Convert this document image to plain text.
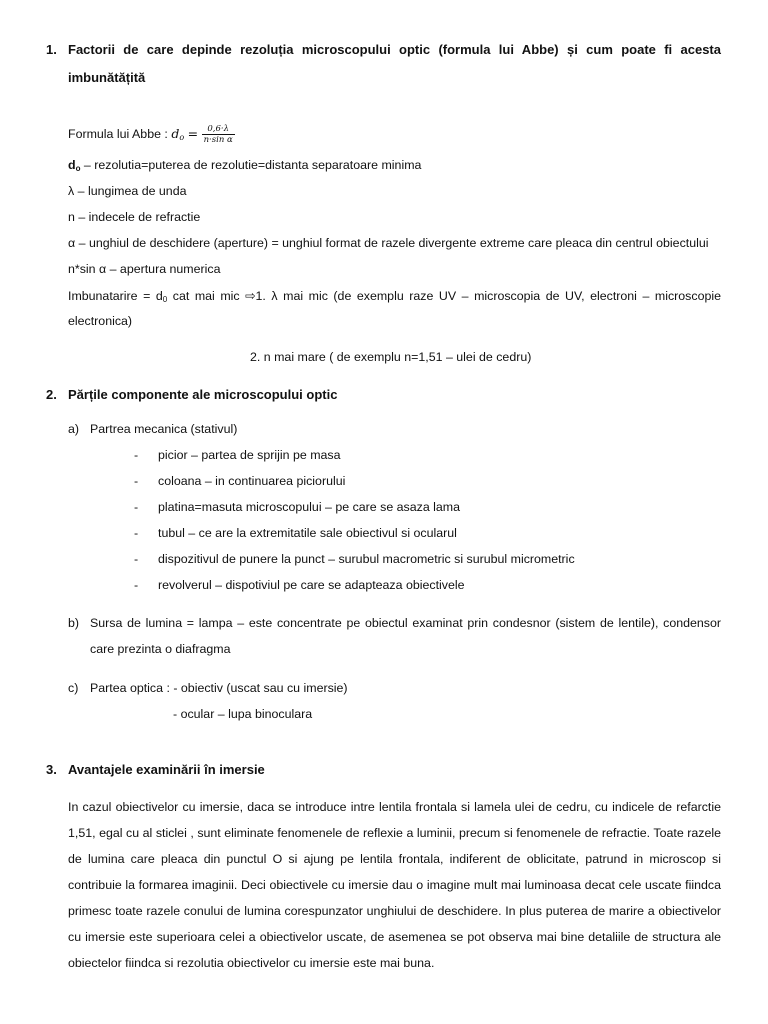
1. Factorii de care depinde rezoluția microscopului optic (formula lui Abbe) și cum poate fi acesta
imbunătățită
Formula lui Abbe : $d_o = \frac{0,6\cdot\lambda}{\text{n·sin α}}$
$d_o$ – rezolutia=puterea de rezolutie=distanta separatoare minima
λ – lungimea de unda
n – indecele de refractie
α – unghiul de deschidere (aperture) = unghiul format de razele divergente extreme care pleaca din centrul obiectului
n*sin α – apertura numerica
Imbunatarire = $d_0$ cat mai mic ⇨1. λ mai mic (de exemplu raze UV – microscopia de UV, electroni – microscopie
electronica)
2. n mai mare ( de exemplu n=1,51 – ulei de cedru)
2. Părțile componente ale microscopului optic
a) Partrea mecanica (stativul)
- picior – partea de sprijin pe masa
- coloana – in continuarea piciorului
- platina=masuta microscopului – pe care se asaza lama
- tubul – ce are la extremitatile sale obiectivul si ocularul
- dispozitivul de punere la punct – surubul macrometric si surubul micrometric
- revolverul – dispotiviul pe care se adapteaza obiectivele
b) Sursa de lumina = lampa – este concentrate pe obiectul examinat prin condesnor (sistem de lentile), condensor
care prezinta o diafragma
c) Partea optica : - obiectiv (uscat sau cu imersie)
- ocular – lupa binoculara
3. Avantajele examinării în imersie
In cazul obiectivelor cu imersie, daca se introduce intre lentila frontala si lamela ulei de cedru, cu indicele de refarctie
1,51, egal cu al sticlei , sunt eliminate fenomenele de reflexie a luminii, precum si fenomenele de refractie. Toate razele
de lumina care pleaca din punctul O si ajung pe lentila frontala, indiferent de oblicitate, patrund in microscop si
contribuie la formarea imaginii. Deci obiectivele cu imersie dau o imagine mult mai luminoasa decat cele uscate fiindca
primesc toate razele conului de lumina corespunzator unghiului de deschidere. In plus puterea de marire a obiectivelor
cu imersie este superioara celei a obiectivelor uscate, de asemenea se pot observa mai bine detaliile de structura ale
obiectelor fiindca si rezolutia obiectivelor cu imersie este mai buna.
